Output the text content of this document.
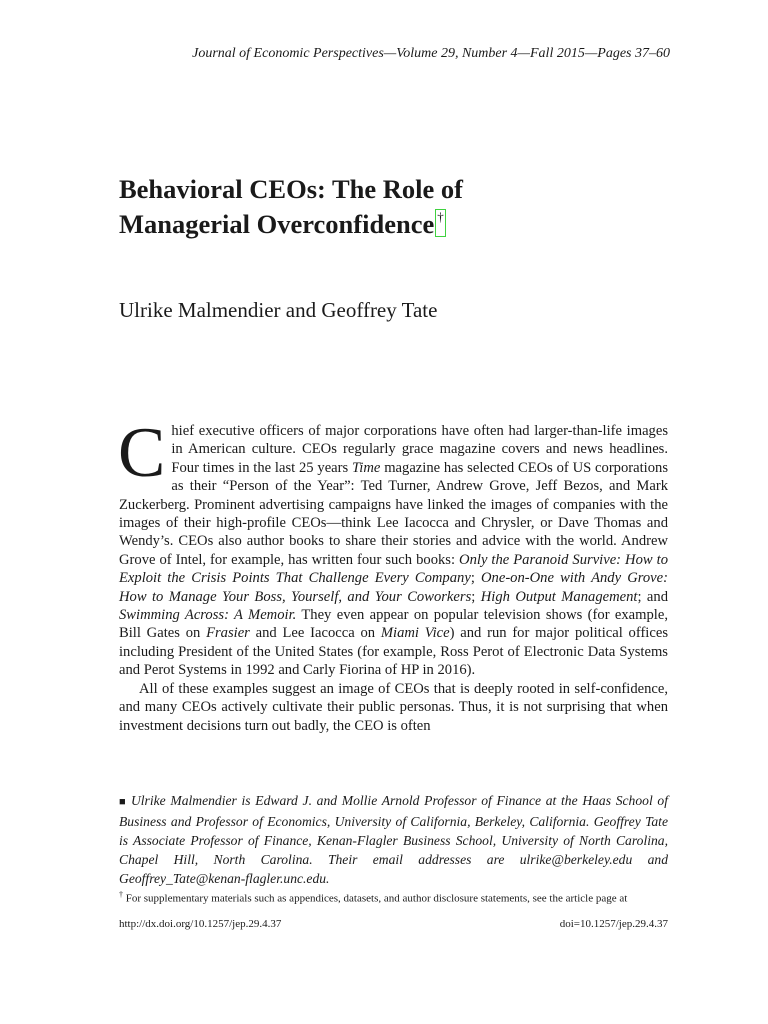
Journal of Economic Perspectives—Volume 29, Number 4—Fall 2015—Pages 37–60
Behavioral CEOs: The Role of
Managerial Overconfidence †
Ulrike Malmendier and Geoffrey Tate

Chief executive officers of major corporations have often had larger-than-life images in American culture. CEOs regularly grace magazine covers and news headlines. Four times in the last 25 years Time magazine has selected CEOs of US corporations as their “Person of the Year”: Ted Turner, Andrew Grove, Jeff Bezos, and Mark Zuckerberg. Prominent advertising campaigns have linked the images of companies with the images of their high-profile CEOs—think Lee Iacocca and Chrysler, or Dave Thomas and Wendy’s. CEOs also author books to share their stories and advice with the world. Andrew Grove of Intel, for example, has written four such books: Only the Paranoid Survive: How to Exploit the Crisis Points That Challenge Every Company; One-on-One with Andy Grove: How to Manage Your Boss, Yourself, and Your Coworkers; High Output Management; and Swimming Across: A Memoir. They even appear on popular television shows (for example, Bill Gates on Frasier and Lee Iacocca on Miami Vice) and run for major political offices including President of the United States (for example, Ross Perot of Electronic Data Systems and Perot Systems in 1992 and Carly Fiorina of HP in 2016).

All of these examples suggest an image of CEOs that is deeply rooted in self-confidence, and many CEOs actively cultivate their public personas. Thus, it is not surprising that when investment decisions turn out badly, the CEO is often

■ Ulrike Malmendier is Edward J. and Mollie Arnold Professor of Finance at the Haas School of Business and Professor of Economics, University of California, Berkeley, California. Geoffrey Tate is Associate Professor of Finance, Kenan-Flagler Business School, University of North Carolina, Chapel Hill, North Carolina. Their email addresses are ulrike@berkeley.edu and Geoffrey_Tate@kenan-flagler.unc.edu.
† For supplementary materials such as appendices, datasets, and author disclosure statements, see the article page at
http://dx.doi.org/10.1257/jep.29.4.37	doi=10.1257/jep.29.4.37
